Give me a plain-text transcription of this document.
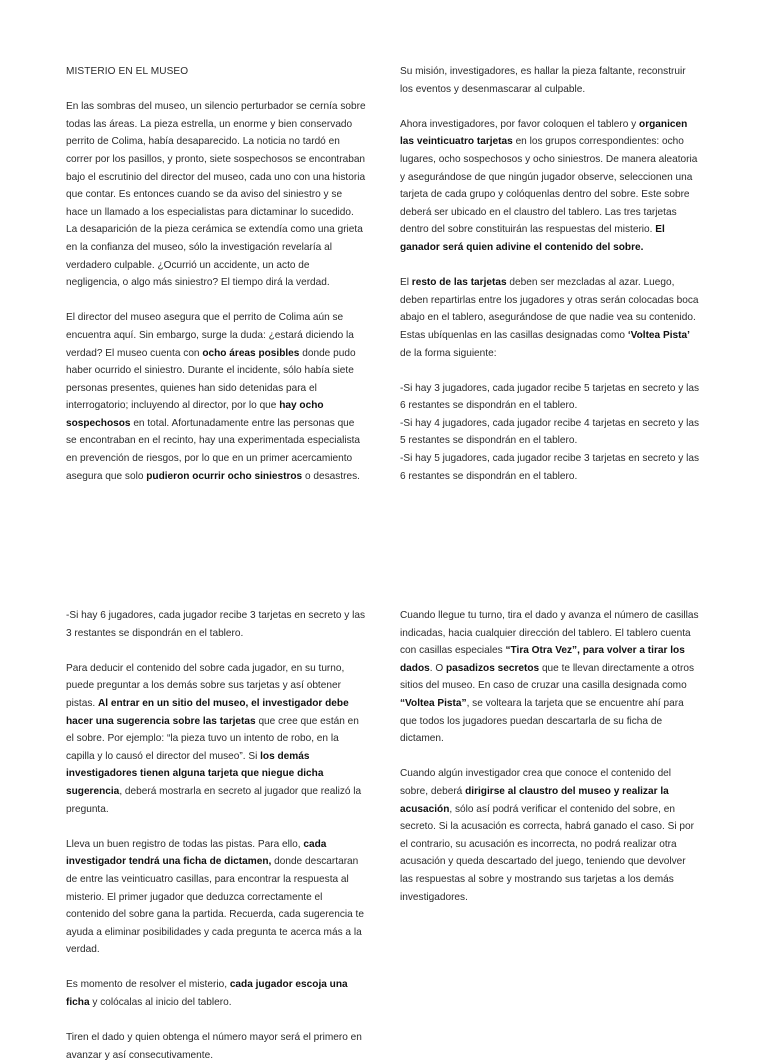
MISTERIO EN EL MUSEO

En las sombras del museo, un silencio perturbador se cernía sobre todas las áreas. La pieza estrella, un enorme y bien conservado perrito de Colima, había desaparecido. La noticia no tardó en correr por los pasillos, y pronto, siete sospechosos se encontraban bajo el escrutinio del director del museo, cada uno con una historia que contar. Es entonces cuando se da aviso del siniestro y se hace un llamado a los especialistas para dictaminar lo sucedido. La desaparición de la pieza cerámica se extendía como una grieta en la confianza del museo, sólo la investigación revelaría al verdadero culpable. ¿Ocurrió un accidente, un acto de negligencia, o algo más siniestro? El tiempo dirá la verdad.

El director del museo asegura que el perrito de Colima aún se encuentra aquí. Sin embargo, surge la duda: ¿estará diciendo la verdad? El museo cuenta con ocho áreas posibles donde pudo haber ocurrido el siniestro. Durante el incidente, sólo había siete personas presentes, quienes han sido detenidas para el interrogatorio; incluyendo al director, por lo que hay ocho sospechosos en total. Afortunadamente entre las personas que se encontraban en el recinto, hay una experimentada especialista en prevención de riesgos, por lo que en un primer acercamiento asegura que solo pudieron ocurrir ocho siniestros o desastres.

Su misión, investigadores, es hallar la pieza faltante, reconstruir los eventos y desenmascarar al culpable.

Ahora investigadores, por favor coloquen el tablero y organicen las veinticuatro tarjetas en los grupos correspondientes: ocho lugares, ocho sospechosos y ocho siniestros. De manera aleatoria y asegurándose de que ningún jugador observe, seleccionen una tarjeta de cada grupo y colóquenlas dentro del sobre. Este sobre deberá ser ubicado en el claustro del tablero. Las tres tarjetas dentro del sobre constituirán las respuestas del misterio. El ganador será quien adivine el contenido del sobre.

El resto de las tarjetas deben ser mezcladas al azar. Luego, deben repartirlas entre los jugadores y otras serán colocadas boca abajo en el tablero, asegurándose de que nadie vea su contenido. Estas ubíquenlas en las casillas designadas como ‘Voltea Pista’ de la forma siguiente:

-Si hay 3 jugadores, cada jugador recibe 5 tarjetas en secreto y las 6 restantes se dispondrán en el tablero.
-Si hay 4 jugadores, cada jugador recibe 4 tarjetas en secreto y las 5 restantes se dispondrán en el tablero.
-Si hay 5 jugadores, cada jugador recibe 3 tarjetas en secreto y las 6 restantes se dispondrán en el tablero.

-Si hay 6 jugadores, cada jugador recibe 3 tarjetas en secreto y las 3 restantes se dispondrán en el tablero.

Para deducir el contenido del sobre cada jugador, en su turno, puede preguntar a los demás sobre sus tarjetas y así obtener pistas. Al entrar en un sitio del museo, el investigador debe hacer una sugerencia sobre las tarjetas que cree que están en el sobre. Por ejemplo: “la pieza tuvo un intento de robo, en la capilla y lo causó el director del museo”. Si los demás investigadores tienen alguna tarjeta que niegue dicha sugerencia, deberá mostrarla en secreto al jugador que realizó la pregunta.

Lleva un buen registro de todas las pistas. Para ello, cada investigador tendrá una ficha de dictamen, donde descartaran de entre las veinticuatro casillas, para encontrar la respuesta al misterio. El primer jugador que deduzca correctamente el contenido del sobre gana la partida. Recuerda, cada sugerencia te ayuda a eliminar posibilidades y cada pregunta te acerca más a la verdad.

Es momento de resolver el misterio, cada jugador escoja una ficha y colócalas al inicio del tablero.

Tiren el dado y quien obtenga el número mayor será el primero en avanzar y así consecutivamente.

Cuando llegue tu turno, tira el dado y avanza el número de casillas indicadas, hacia cualquier dirección del tablero. El tablero cuenta con casillas especiales “Tira Otra Vez”, para volver a tirar los dados. O pasadizos secretos que te llevan directamente a otros sitios del museo. En caso de cruzar una casilla designada como “Voltea Pista”, se volteara la tarjeta que se encuentre ahí para que todos los jugadores puedan descartarla de su ficha de dictamen.

Cuando algún investigador crea que conoce el contenido del sobre, deberá dirigirse al claustro del museo y realizar la acusación, sólo así podrá verificar el contenido del sobre, en secreto. Si la acusación es correcta, habrá ganado el caso. Si por el contrario, su acusación es incorrecta, no podrá realizar otra acusación y queda descartado del juego, teniendo que devolver las respuestas al sobre y mostrando sus tarjetas a los demás investigadores.
